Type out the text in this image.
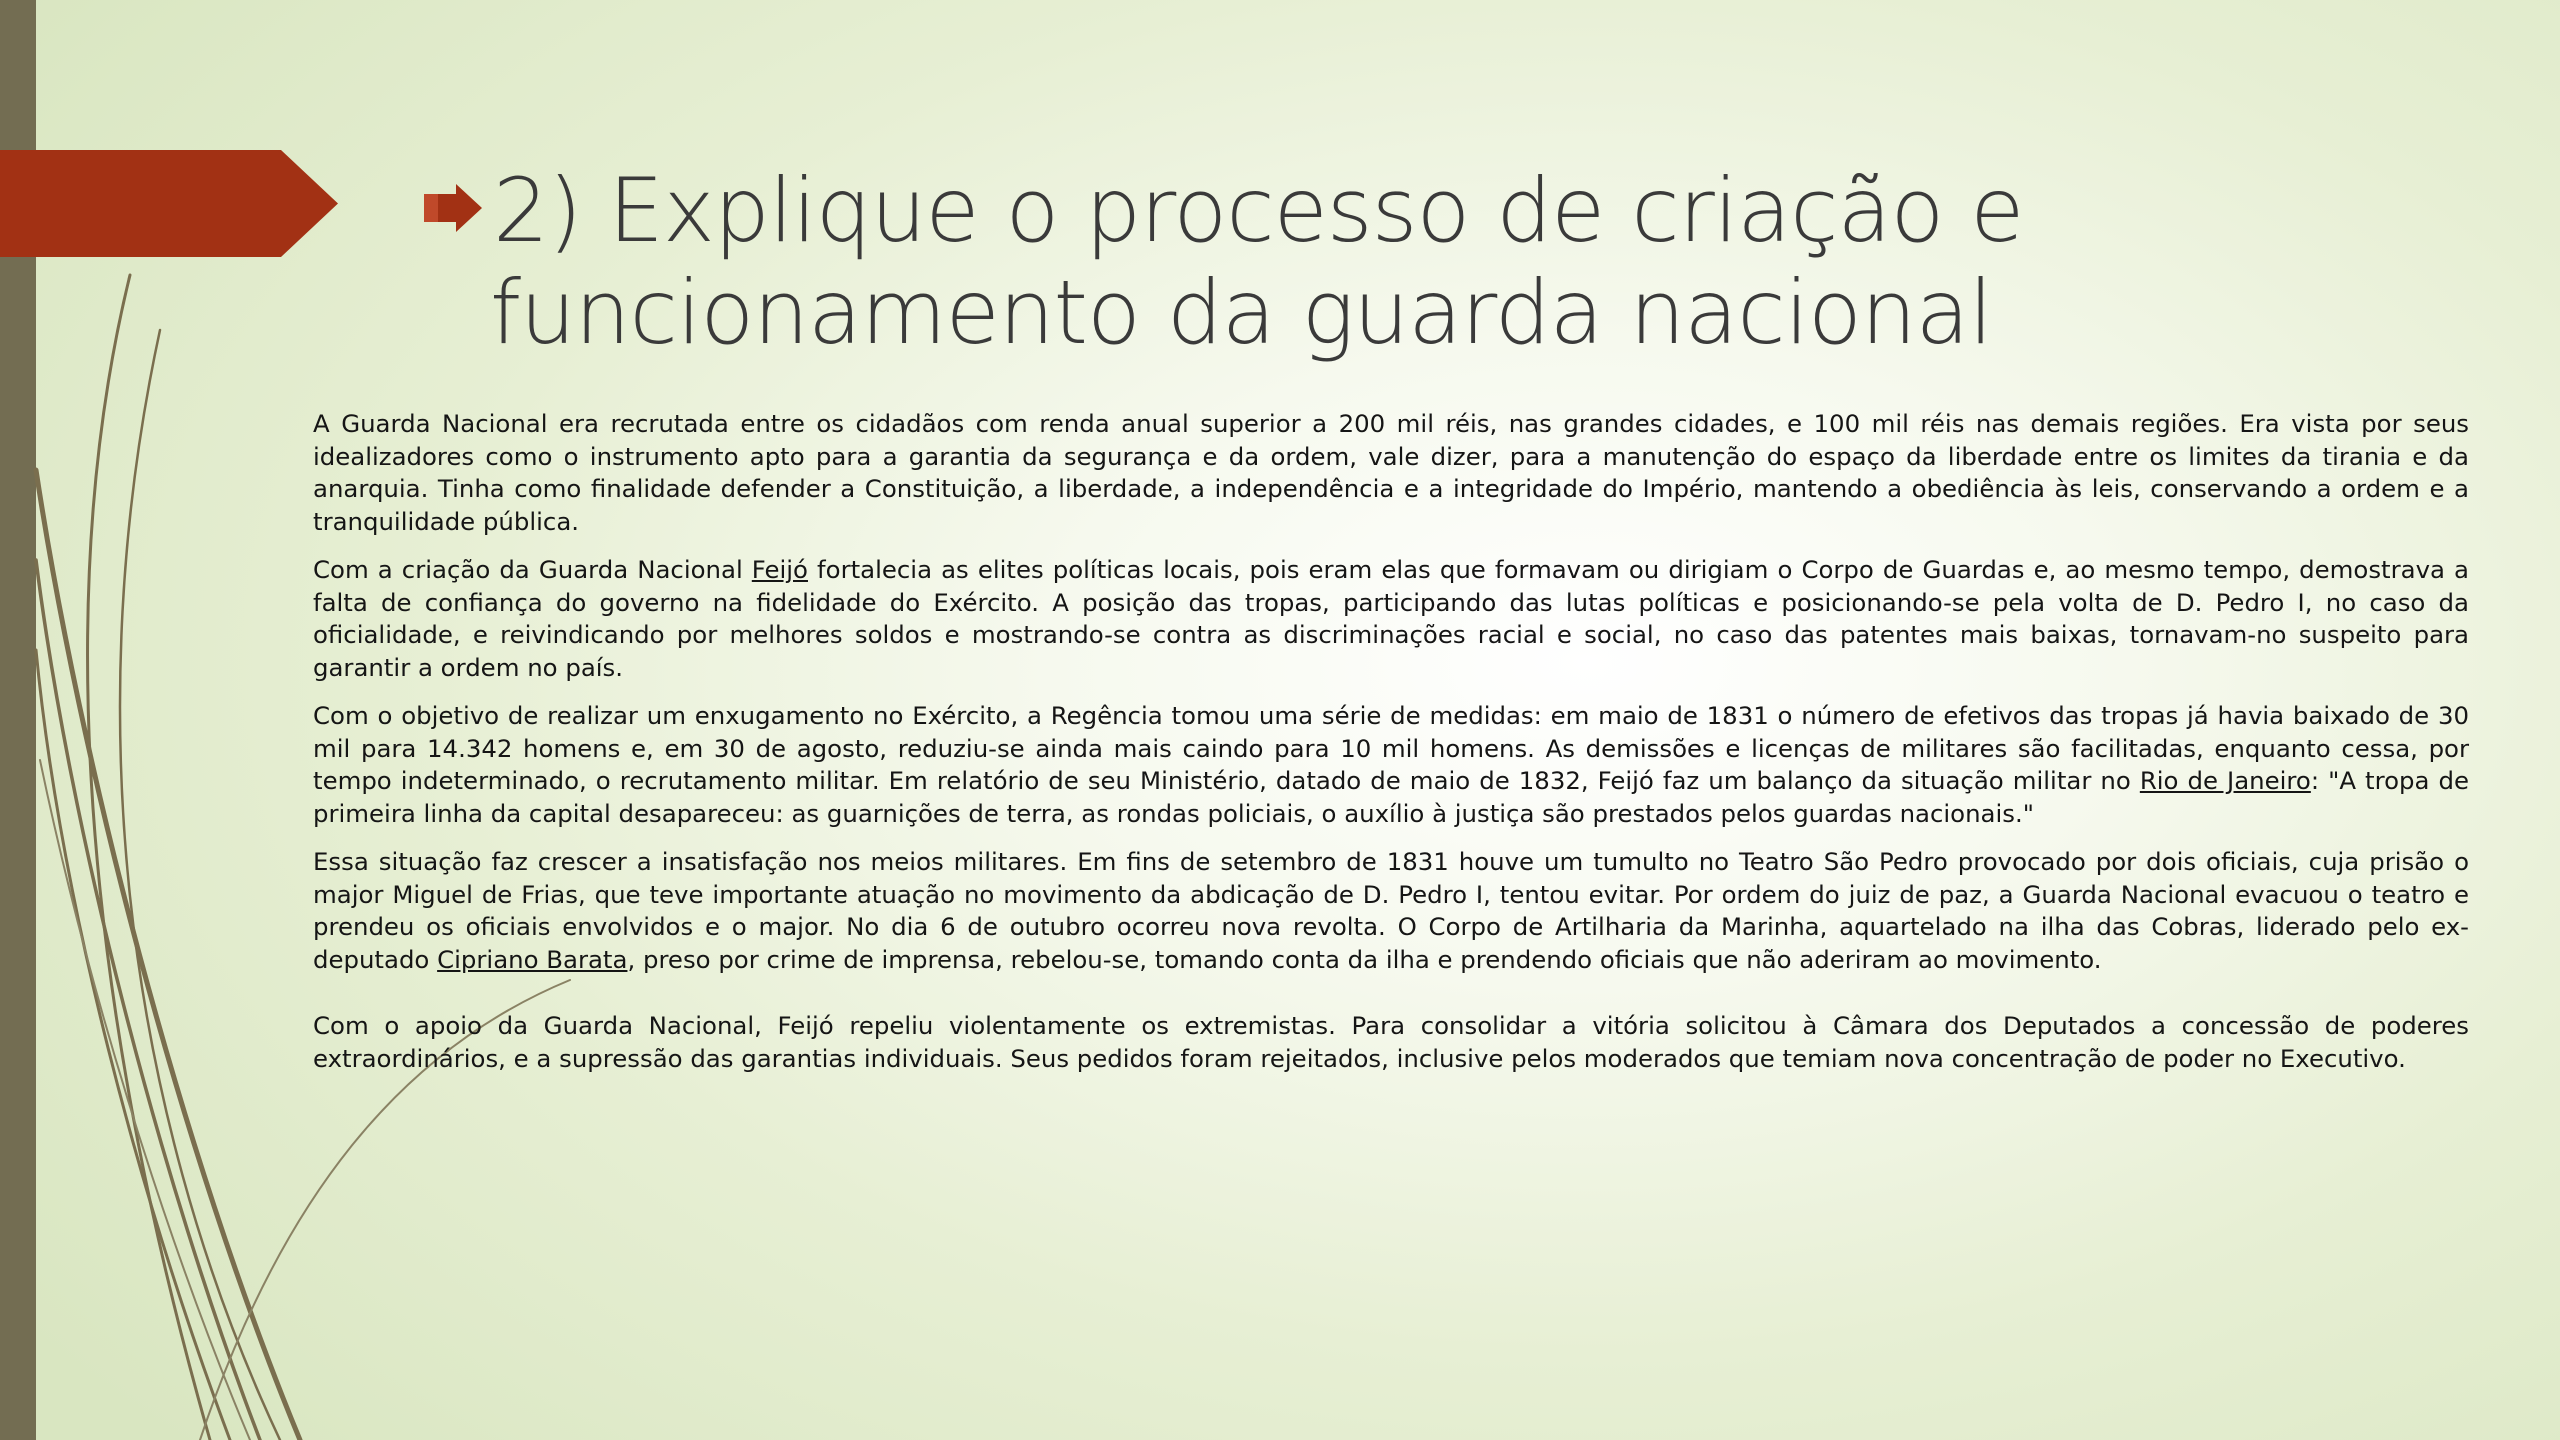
2) Explique o processo de criação e
funcionamento da guarda nacional

A Guarda Nacional era recrutada entre os cidadãos com renda anual superior a 200 mil réis, nas grandes cidades, e 100 mil réis nas demais regiões. Era vista por seus idealizadores como o instrumento apto para a garantia da segurança e da ordem, vale dizer, para a manutenção do espaço da liberdade entre os limites da tirania e da anarquia. Tinha como finalidade defender a Constituição, a liberdade, a independência e a integridade do Império, mantendo a obediência às leis, conservando a ordem e a tranquilidade pública.

Com a criação da Guarda Nacional Feijó fortalecia as elites políticas locais, pois eram elas que formavam ou dirigiam o Corpo de Guardas e, ao mesmo tempo, demostrava a falta de confiança do governo na fidelidade do Exército. A posição das tropas, participando das lutas políticas e posicionando-se pela volta de D. Pedro I, no caso da oficialidade, e reivindicando por melhores soldos e mostrando-se contra as discriminações racial e social, no caso das patentes mais baixas, tornavam-no suspeito para garantir a ordem no país.

Com o objetivo de realizar um enxugamento no Exército, a Regência tomou uma série de medidas: em maio de 1831 o número de efetivos das tropas já havia baixado de 30 mil para 14.342 homens e, em 30 de agosto, reduziu-se ainda mais caindo para 10 mil homens. As demissões e licenças de militares são facilitadas, enquanto cessa, por tempo indeterminado, o recrutamento militar. Em relatório de seu Ministério, datado de maio de 1832, Feijó faz um balanço da situação militar no Rio de Janeiro: "A tropa de primeira linha da capital desapareceu: as guarnições de terra, as rondas policiais, o auxílio à justiça são prestados pelos guardas nacionais."

Essa situação faz crescer a insatisfação nos meios militares. Em fins de setembro de 1831 houve um tumulto no Teatro São Pedro provocado por dois oficiais, cuja prisão o major Miguel de Frias, que teve importante atuação no movimento da abdicação de D. Pedro I, tentou evitar. Por ordem do juiz de paz, a Guarda Nacional evacuou o teatro e prendeu os oficiais envolvidos e o major. No dia 6 de outubro ocorreu nova revolta. O Corpo de Artilharia da Marinha, aquartelado na ilha das Cobras, liderado pelo ex-deputado Cipriano Barata, preso por crime de imprensa, rebelou-se, tomando conta da ilha e prendendo oficiais que não aderiram ao movimento.

Com o apoio da Guarda Nacional, Feijó repeliu violentamente os extremistas. Para consolidar a vitória solicitou à Câmara dos Deputados a concessão de poderes extraordinários, e a supressão das garantias individuais. Seus pedidos foram rejeitados, inclusive pelos moderados que temiam nova concentração de poder no Executivo.
